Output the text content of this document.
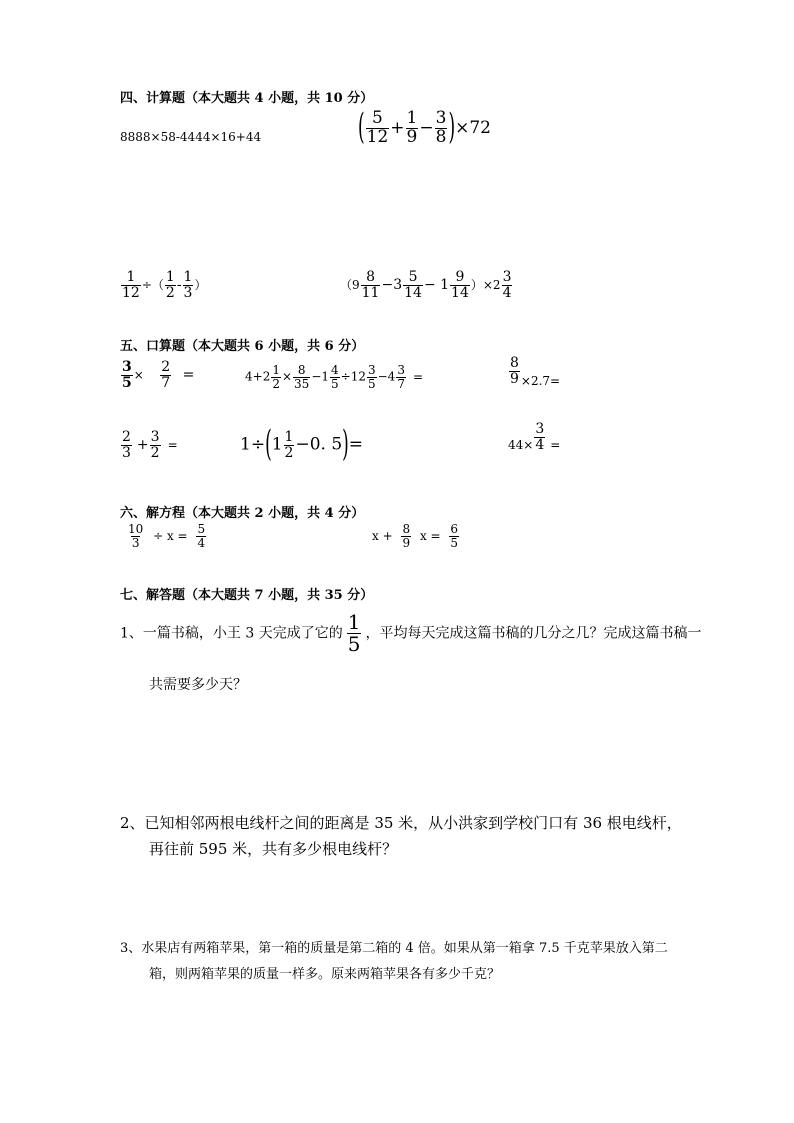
四、计算题（本大题共 4 小题，共 10 分）
8888×58-4444×16+44	( $\frac{5}{12} + \frac{1}{9} - \frac{3}{8} )\times 72$
$\frac{1}{12}$ ÷（ $\frac{1}{2} - \frac{1}{3}$ ）	$(9 \frac{8}{11} -3 \frac{5}{14} - 1 \frac{9}{14} )\times 2 \frac{3}{4}$
五、口算题（本大题共 6 小题，共 6 分）
$\frac{3}{5} \times \frac{2}{7}$ =	$4+2 \frac{1}{2} \times \frac{8}{35} -1 \frac{4}{5} \div 12 \frac{3}{5} -4 \frac{3}{7}$ =	$\frac{8}{9} \times 2.7=$
$\frac{2}{3} + \frac{3}{2}$ =	$1\div(1 \frac{1}{2} -0$. 5)=	$44\times \frac{3}{4}$ =
六、解方程（本大题共 2 小题，共 4 分）
$\frac{10}{3} \div x = \frac{5}{4}$	$x + \frac{8}{9}$ $x = \frac{6}{5}$
七、解答题（本大题共 7 小题，共 35 分）
1、一篇书稿，小王 3 天完成了它的 $\frac{1}{5}$ ，平均每天完成这篇书稿的几分之几？完成这篇书稿一
共需要多少天？
2、已知相邻两根电线杆之间的距离是 35 米，从小洪家到学校门口有 36 根电线杆，
再往前 595 米，共有多少根电线杆？
3、水果店有两箱苹果，第一箱的质量是第二箱的 4 倍。如果从第一箱拿 7.5 千克苹果放入第二
箱，则两箱苹果的质量一样多。原来两箱苹果各有多少千克？
